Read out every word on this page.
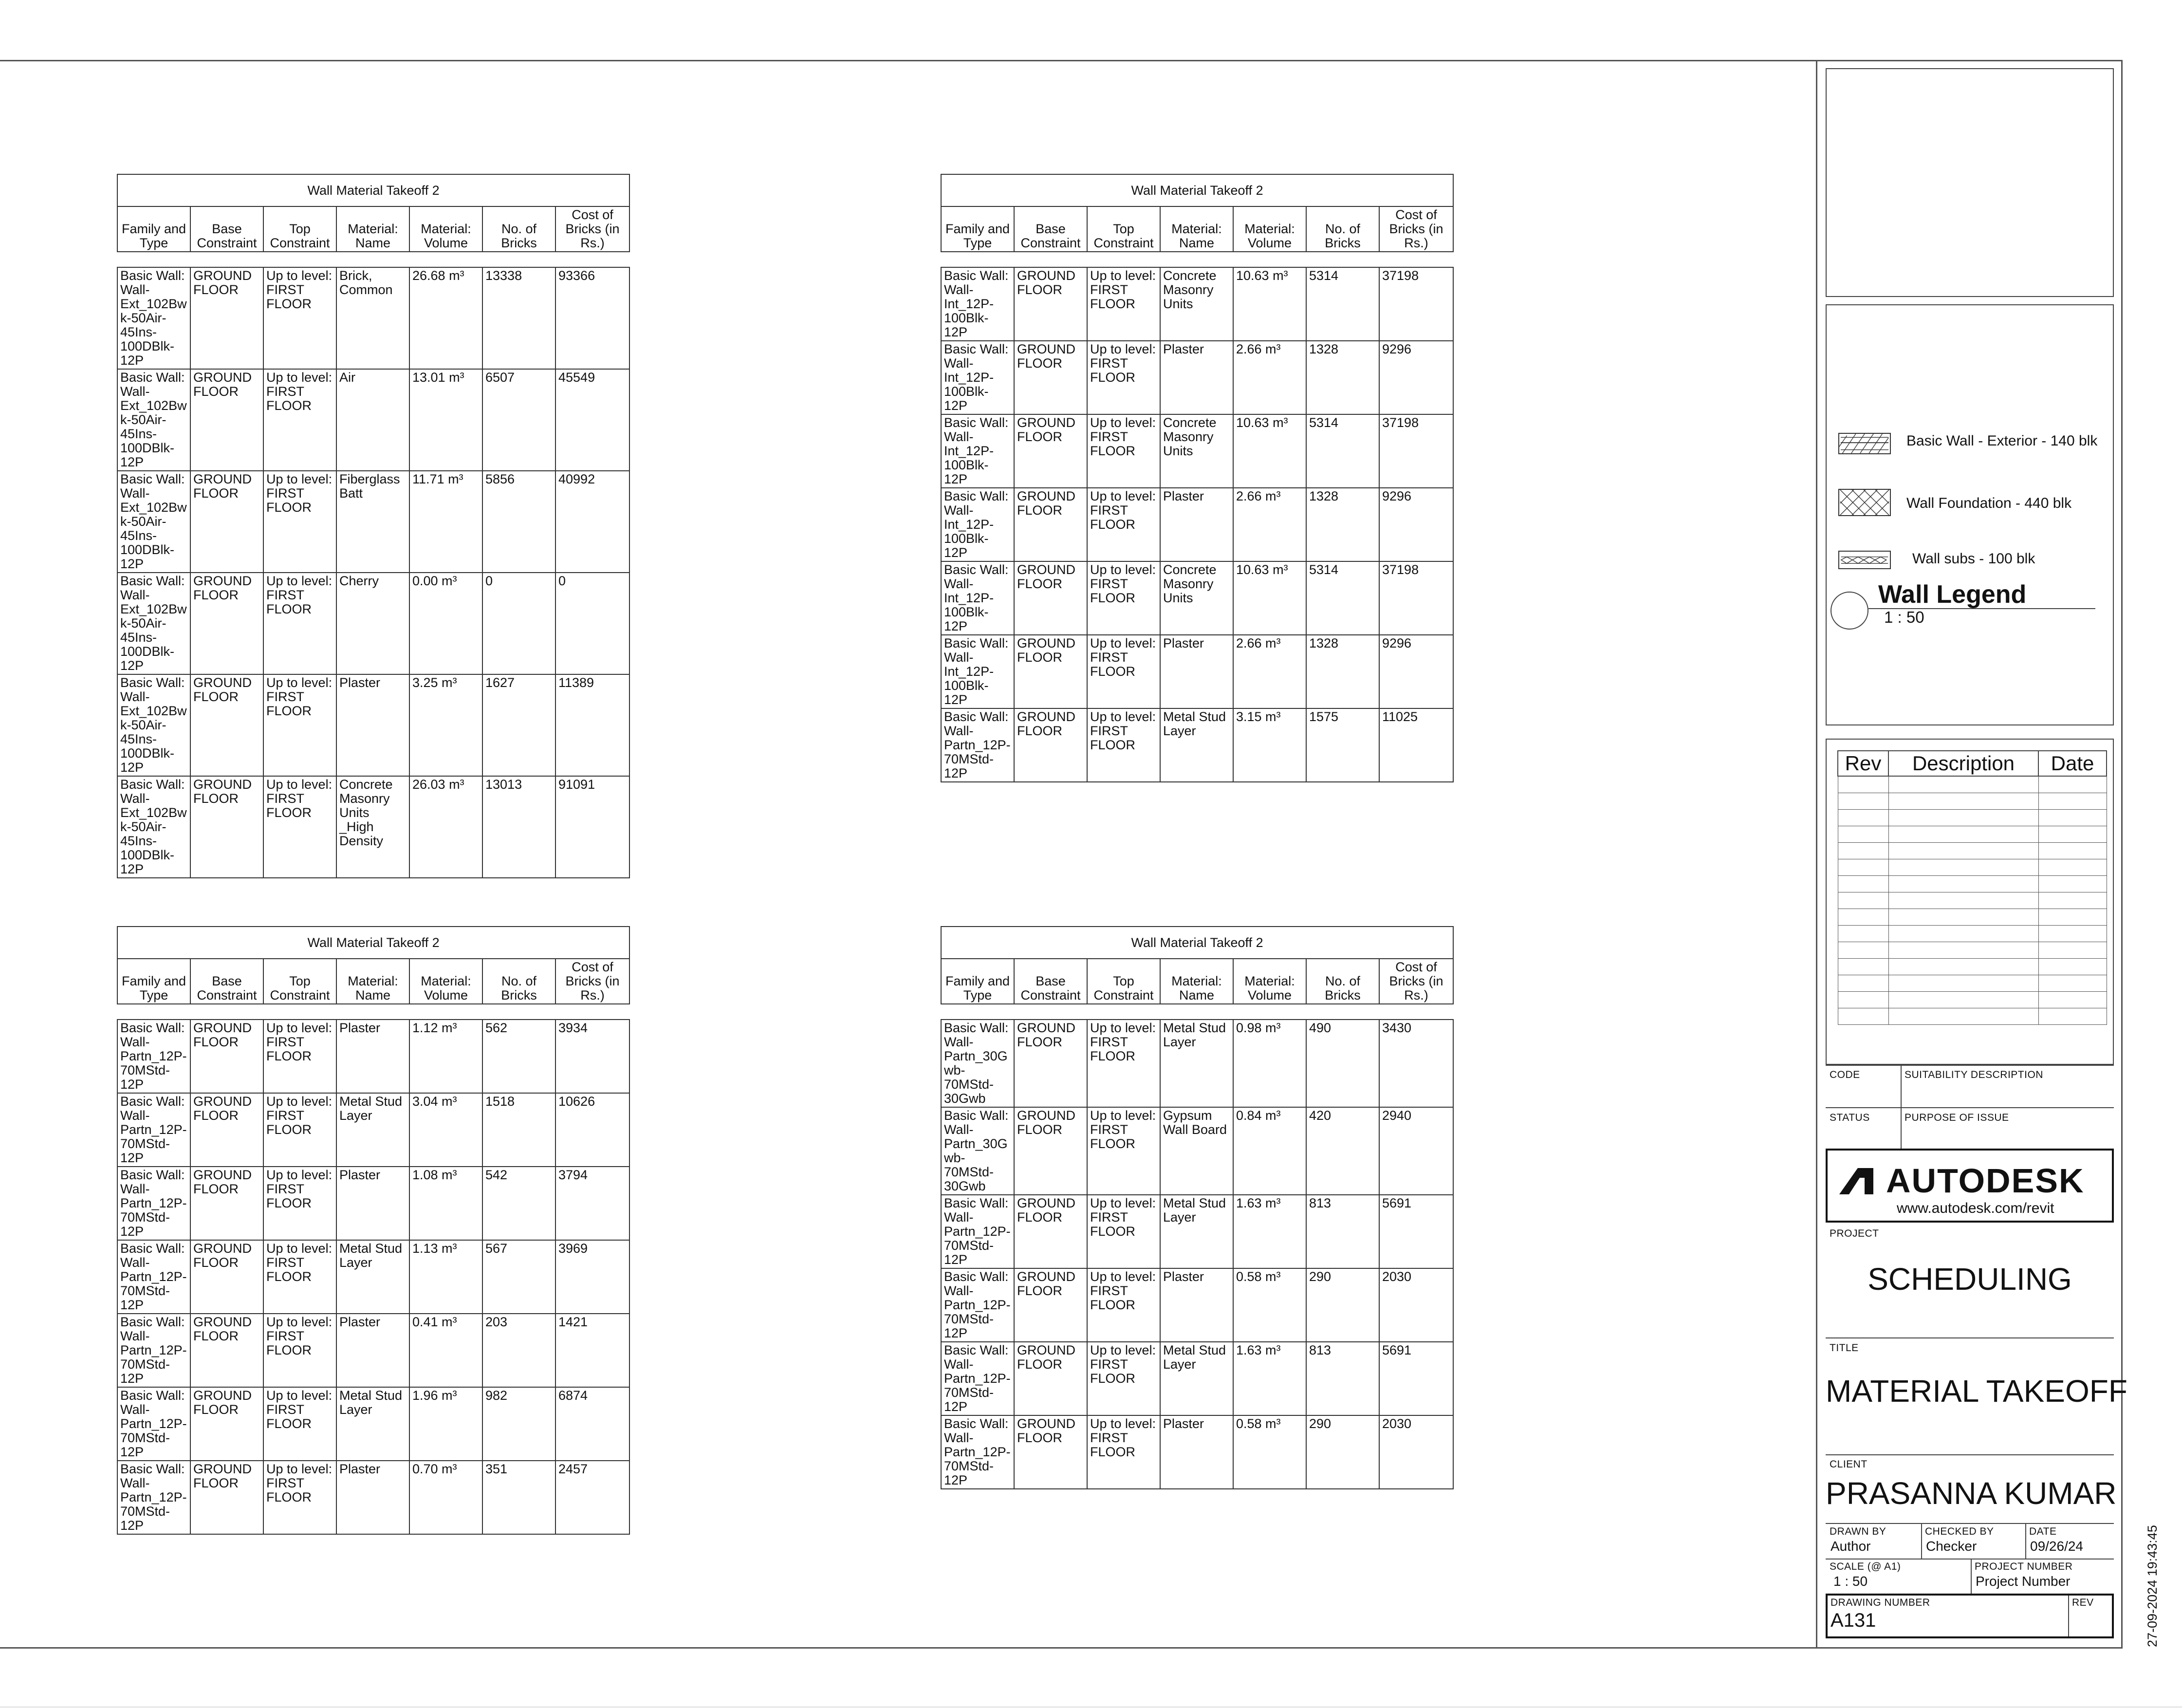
Wall Material Takeoff 2						
Family and Type	Base Constraint	Top Constraint	Material: Name	Material: Volume	No. of Bricks	Cost of Bricks (in Rs.)

Basic Wall: Wall-Ext_102Bwk-50Air-45Ins-100DBlk-12P	GROUND FLOOR	Up to level: FIRST FLOOR	Brick, Common	26.68 m³	13338	93366
Basic Wall: Wall-Ext_102Bwk-50Air-45Ins-100DBlk-12P	GROUND FLOOR	Up to level: FIRST FLOOR	Air	13.01 m³	6507	45549
Basic Wall: Wall-Ext_102Bwk-50Air-45Ins-100DBlk-12P	GROUND FLOOR	Up to level: FIRST FLOOR	Fiberglass Batt	11.71 m³	5856	40992
Basic Wall: Wall-Ext_102Bwk-50Air-45Ins-100DBlk-12P	GROUND FLOOR	Up to level: FIRST FLOOR	Cherry	0.00 m³	0	0
Basic Wall: Wall-Ext_102Bwk-50Air-45Ins-100DBlk-12P	GROUND FLOOR	Up to level: FIRST FLOOR	Plaster	3.25 m³	1627	11389
Basic Wall: Wall-Ext_102Bwk-50Air-45Ins-100DBlk-12P	GROUND FLOOR	Up to level: FIRST FLOOR	Concrete Masonry Units _High Density	26.03 m³	13013	91091
Wall Material Takeoff 2						
Family and Type	Base Constraint	Top Constraint	Material: Name	Material: Volume	No. of Bricks	Cost of Bricks (in Rs.)

Basic Wall: Wall-Int_12P-100Blk-12P	GROUND FLOOR	Up to level: FIRST FLOOR	Concrete Masonry Units	10.63 m³	5314	37198
Basic Wall: Wall-Int_12P-100Blk-12P	GROUND FLOOR	Up to level: FIRST FLOOR	Plaster	2.66 m³	1328	9296
Basic Wall: Wall-Int_12P-100Blk-12P	GROUND FLOOR	Up to level: FIRST FLOOR	Concrete Masonry Units	10.63 m³	5314	37198
Basic Wall: Wall-Int_12P-100Blk-12P	GROUND FLOOR	Up to level: FIRST FLOOR	Plaster	2.66 m³	1328	9296
Basic Wall: Wall-Int_12P-100Blk-12P	GROUND FLOOR	Up to level: FIRST FLOOR	Concrete Masonry Units	10.63 m³	5314	37198
Basic Wall: Wall-Int_12P-100Blk-12P	GROUND FLOOR	Up to level: FIRST FLOOR	Plaster	2.66 m³	1328	9296
Basic Wall: Wall-Partn_12P-70MStd-12P	GROUND FLOOR	Up to level: FIRST FLOOR	Metal Stud Layer	3.15 m³	1575	11025
Wall Material Takeoff 2						
Family and Type	Base Constraint	Top Constraint	Material: Name	Material: Volume	No. of Bricks	Cost of Bricks (in Rs.)

Basic Wall: Wall-Partn_12P-70MStd-12P	GROUND FLOOR	Up to level: FIRST FLOOR	Plaster	1.12 m³	562	3934
Basic Wall: Wall-Partn_12P-70MStd-12P	GROUND FLOOR	Up to level: FIRST FLOOR	Metal Stud Layer	3.04 m³	1518	10626
Basic Wall: Wall-Partn_12P-70MStd-12P	GROUND FLOOR	Up to level: FIRST FLOOR	Plaster	1.08 m³	542	3794
Basic Wall: Wall-Partn_12P-70MStd-12P	GROUND FLOOR	Up to level: FIRST FLOOR	Metal Stud Layer	1.13 m³	567	3969
Basic Wall: Wall-Partn_12P-70MStd-12P	GROUND FLOOR	Up to level: FIRST FLOOR	Plaster	0.41 m³	203	1421
Basic Wall: Wall-Partn_12P-70MStd-12P	GROUND FLOOR	Up to level: FIRST FLOOR	Metal Stud Layer	1.96 m³	982	6874
Basic Wall: Wall-Partn_12P-70MStd-12P	GROUND FLOOR	Up to level: FIRST FLOOR	Plaster	0.70 m³	351	2457
Wall Material Takeoff 2						
Family and Type	Base Constraint	Top Constraint	Material: Name	Material: Volume	No. of Bricks	Cost of Bricks (in Rs.)

Basic Wall: Wall-Partn_30Gwb-70MStd-30Gwb	GROUND FLOOR	Up to level: FIRST FLOOR	Metal Stud Layer	0.98 m³	490	3430
Basic Wall: Wall-Partn_30Gwb-70MStd-30Gwb	GROUND FLOOR	Up to level: FIRST FLOOR	Gypsum Wall Board	0.84 m³	420	2940
Basic Wall: Wall-Partn_12P-70MStd-12P	GROUND FLOOR	Up to level: FIRST FLOOR	Metal Stud Layer	1.63 m³	813	5691
Basic Wall: Wall-Partn_12P-70MStd-12P	GROUND FLOOR	Up to level: FIRST FLOOR	Plaster	0.58 m³	290	2030
Basic Wall: Wall-Partn_12P-70MStd-12P	GROUND FLOOR	Up to level: FIRST FLOOR	Metal Stud Layer	1.63 m³	813	5691
Basic Wall: Wall-Partn_12P-70MStd-12P	GROUND FLOOR	Up to level: FIRST FLOOR	Plaster	0.58 m³	290	2030
Basic Wall - Exterior - 140 blk
Wall Foundation - 440 blk
Wall subs - 100 blk
Wall Legend
1 : 50
Rev	Description	Date

CODE	SUITABILITY DESCRIPTION
STATUS	PURPOSE OF ISSUE
AUTODESK
www.autodesk.com/revit
PROJECT
SCHEDULING
TITLE
MATERIAL TAKEOFF
CLIENT
PRASANNA KUMAR
DRAWN BY
Author
CHECKED BY
Checker
DATE
09/26/24
SCALE (@ A1)
1 : 50
PROJECT NUMBER
Project Number
DRAWING NUMBER
A131
REV	27-09-2024 19:43:45
